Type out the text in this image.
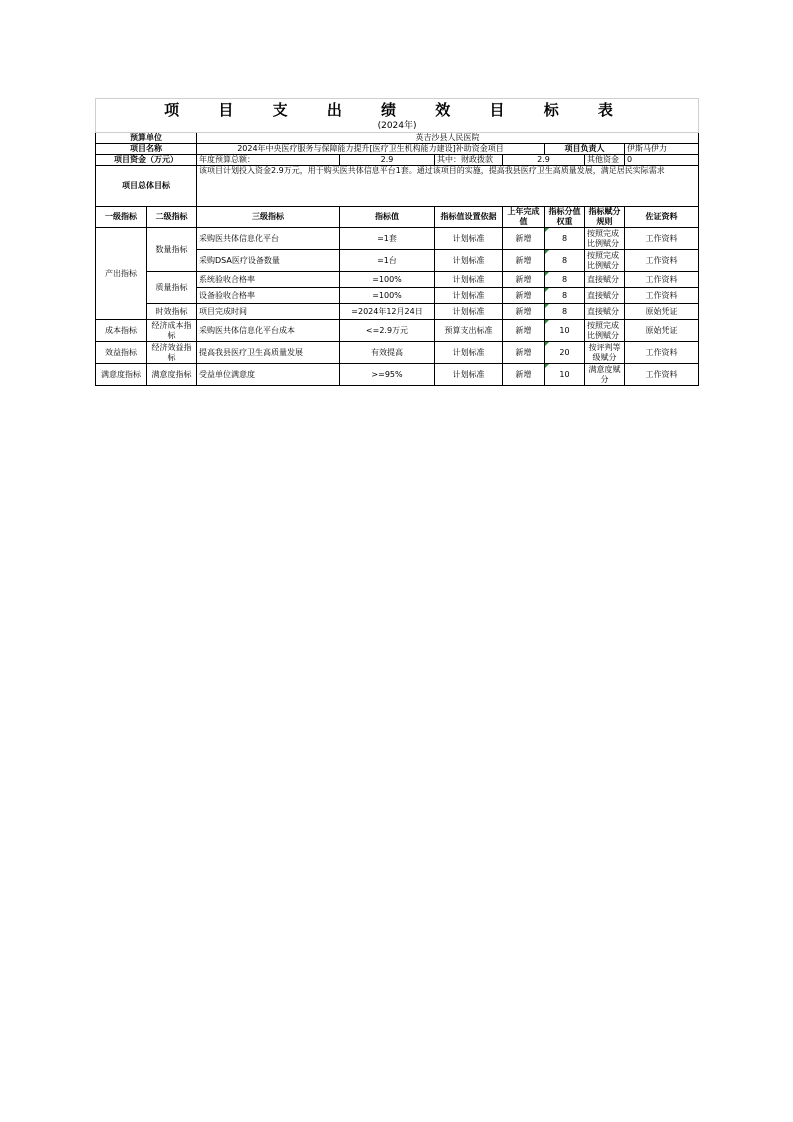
项 目 支 出 绩 效 目 标 表								
(2024年)								
预算单位		英吉沙县人民医院						
项目名称		2024年中央医疗服务与保障能力提升[医疗卫生机构能力建设]补助资金项目				项目负责人		伊斯马伊力
项目资金（万元）		年度预算总额：	2.9	其中：财政拨款	2.9		其他资金	0
项目总体目标		该项目计划投入资金2.9万元，用于购买医共体信息平台1套。通过该项目的实施，提高我县医疗卫生高质量发展，满足居民实际需求						
一级指标	二级指标	三级指标	指标值	指标值设置依据	上年完成值	指标分值权重	指标赋分规则	佐证资料
产出指标	数量指标	采购医共体信息化平台	=1套	计划标准	新增	8	按照完成比例赋分	工作资料
		采购DSA医疗设备数量	=1台	计划标准	新增	8	按照完成比例赋分	工作资料
	质量指标	系统验收合格率	=100%	计划标准	新增	8	直接赋分	工作资料
		设备验收合格率	=100%	计划标准	新增	8	直接赋分	工作资料
	时效指标	项目完成时间	=2024年12月24日	计划标准	新增	8	直接赋分	原始凭证
成本指标	经济成本指标	采购医共体信息化平台成本	<=2.9万元	预算支出标准	新增	10	按照完成比例赋分	原始凭证
效益指标	经济效益指标	提高我县医疗卫生高质量发展	有效提高	计划标准	新增	20	按评判等级赋分	工作资料
满意度指标	满意度指标	受益单位满意度	>=95%	计划标准	新增	10	满意度赋分	工作资料
